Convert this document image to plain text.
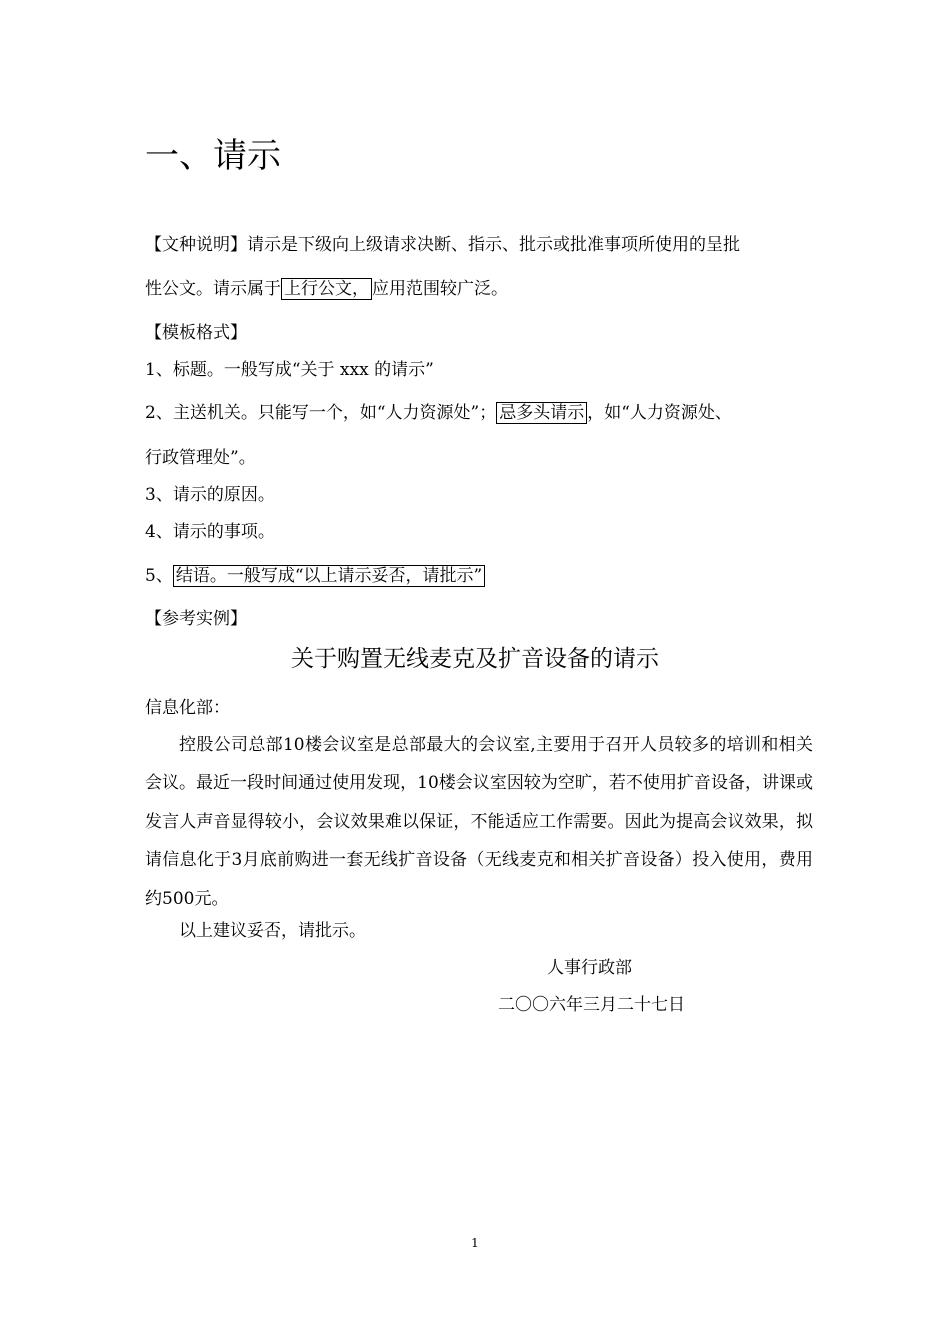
一、请示
【文种说明】请示是下级向上级请求决断、指示、批示或批准事项所使用的呈批
性公文。请示属于 上行公文， 应用范围较广泛。
【模板格式】
1、标题。一般写成“关于 xxx 的请示”
2、主送机关。只能写一个，如“人力资源处”； 忌多头请示 ，如“人力资源处、
行政管理处”。
3、请示的原因。
4、请示的事项。
5、 结语。一般写成“以上请示妥否，请批示”
【参考实例】
关于购置无线麦克及扩音设备的请示
信息化部：
控股公司总部10楼会议室是总部最大的会议室,主要用于召开人员较多的培训和相关会议。最近一段时间通过使用发现，10楼会议室因较为空旷，若不使用扩音设备，讲课或发言人声音显得较小，会议效果难以保证，不能适应工作需要。因此为提高会议效果，拟请信息化于3月底前购进一套无线扩音设备（无线麦克和相关扩音设备）投入使用，费用约500元。
以上建议妥否，请批示。
人事行政部
二〇〇六年三月二十七日
1
